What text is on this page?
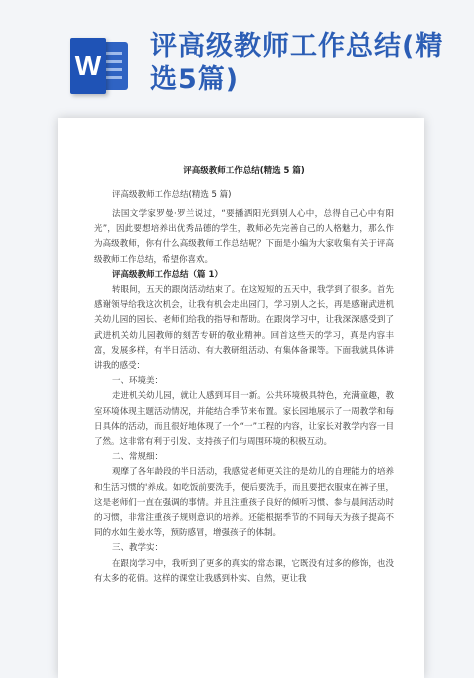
W
评高级教师工作总结(精选5篇)
评高级教师工作总结(精选 5 篇)
评高级教师工作总结(精选 5 篇)

法国文学家罗曼·罗兰说过，“要播洒阳光到别人心中，总得自己心中有阳光”，因此要想培养出优秀品德的学生，教师必先完善自己的人格魅力，那么作为高级教师，你有什么高级教师工作总结呢？下面是小编为大家收集有关于评高级教师工作总结，希望你喜欢。

评高级教师工作总结（篇 1）

转眼间，五天的跟岗活动结束了。在这短短的五天中，我学到了很多。首先感谢领导给我这次机会，让我有机会走出园门，学习别人之长，再是感谢武进机关幼儿园的园长、老师们给我的指导和帮助。在跟岗学习中，让我深深感受到了武进机关幼儿园教师的刻苦专研的敬业精神。回首这些天的学习，真是内容丰富，发展多样，有半日活动、有大教研组活动、有集体备课等。下面我就具体讲讲我的感受：

一、环境美：

走进机关幼儿园，就让人感到耳目一新。公共环境极具特色，充满童趣，教室环境体现主题活动情况，并能结合季节来布置。家长园地展示了一周教学和每日具体的活动，而且很好地体现了一个“一”工程的内容，让家长对教学内容一目了然。这非常有利于引发、支持孩子们与周围环境的积极互动。

二、常规细：

观摩了各年龄段的半日活动，我感觉老师更关注的是幼儿的自理能力的培养和生活习惯的'养成。如吃饭前要洗手，便后要洗手，而且要把衣服束在裤子里，这是老师们一直在强调的事情。并且注重孩子良好的倾听习惯、参与晨间活动时的习惯，非常注重孩子规则意识的培养。还能根据季节的不同每天为孩子提高不同的水如生姜水等，预防感冒，增强孩子的体制。

三、教学实：

在跟岗学习中，我听到了更多的真实的常态课，它既没有过多的修饰，也没有太多的花俏。这样的课堂让我感到朴实、自然，更让我
